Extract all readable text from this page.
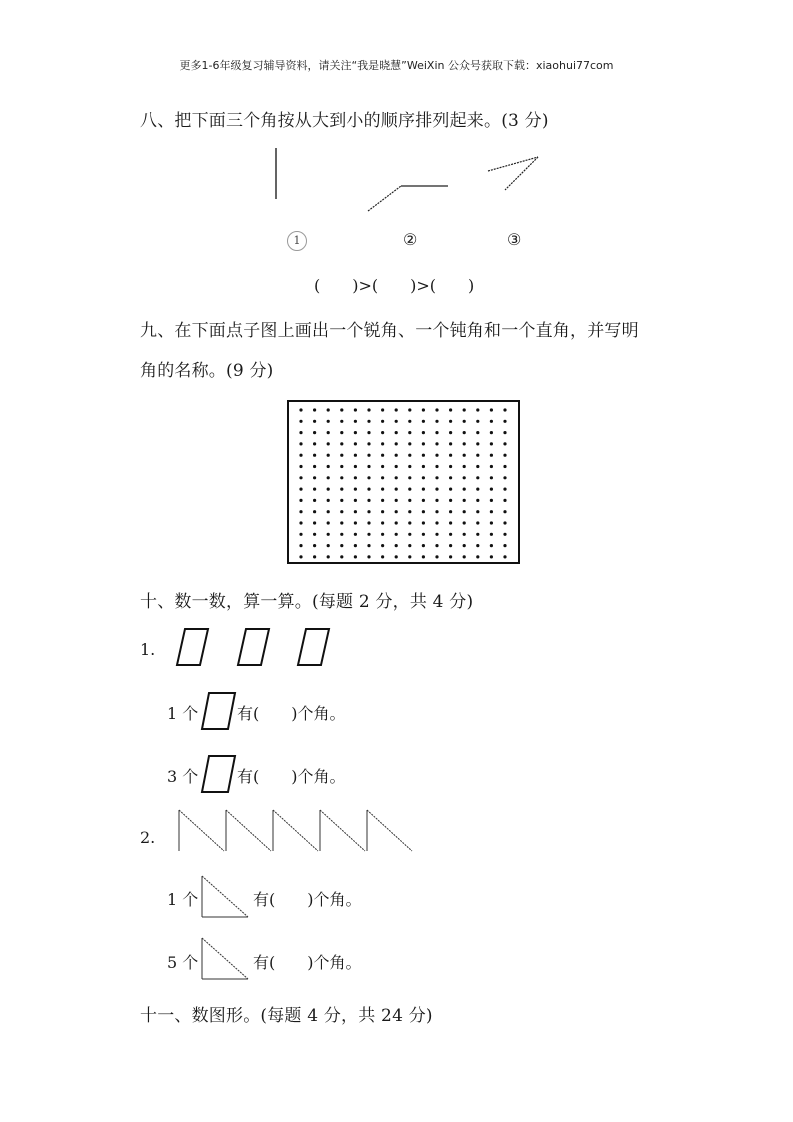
更多1-6年级复习辅导资料，请关注“我是晓慧”WeiXin 公众号获取下载：xiaohui77com
八、把下面三个角按从大到小的顺序排列起来。(3 分)
1	②	③
(　　)>(　　)>(　　)
九、在下面点子图上画出一个锐角、一个钝角和一个直角，并写明
角的名称。(9 分)
十、数一数，算一算。(每题 2 分，共 4 分)
1.
1 个 有(　　)个角。
3 个 有(　　)个角。
2.
1 个	有(　　)个角。
5 个	有(　　)个角。
十一、数图形。(每题 4 分，共 24 分)
